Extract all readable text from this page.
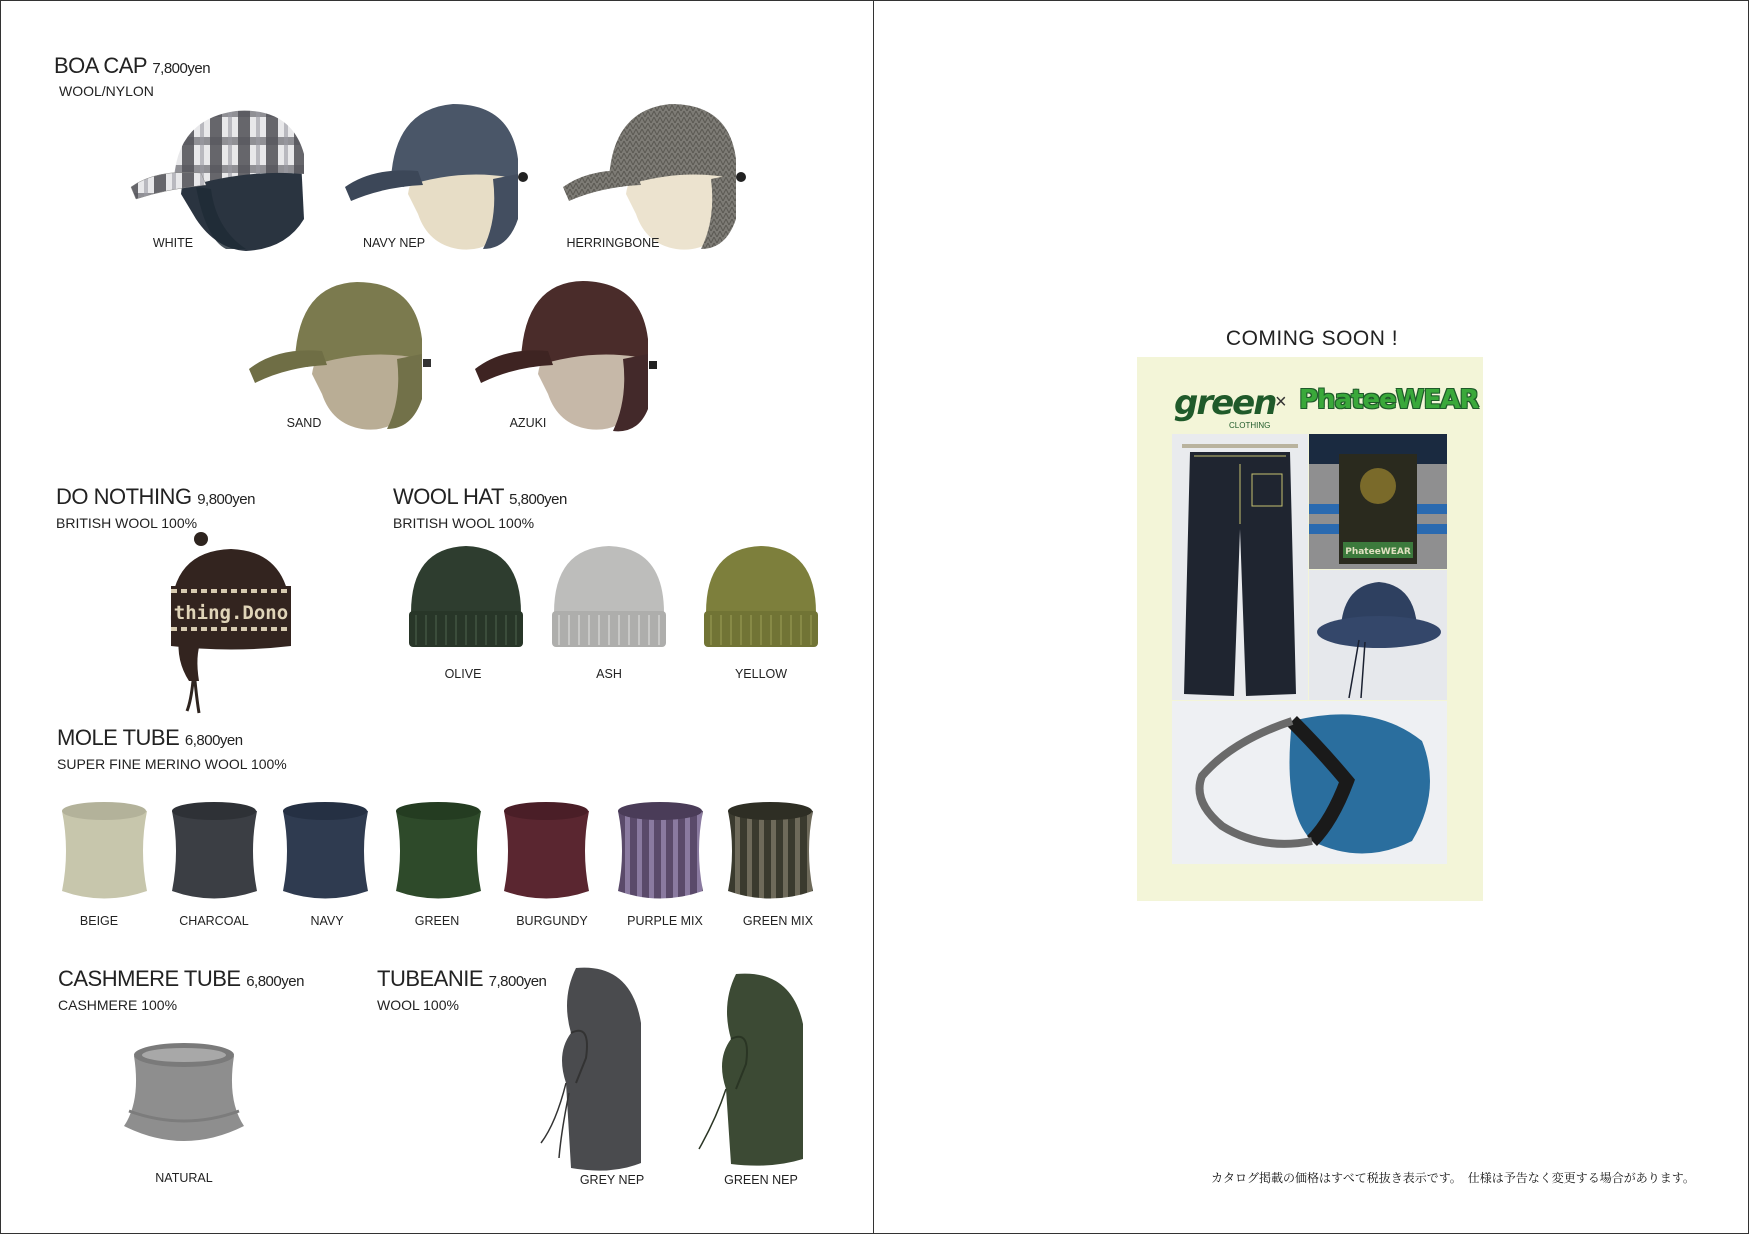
BOA CAP 7,800yen
WOOL/NYLON
WHITE	NAVY NEP	HERRINGBONE
SAND	AZUKI
DO NOTHING 9,800yen
BRITISH WOOL 100%
thing.Dono
WOOL HAT 5,800yen
BRITISH WOOL 100%
OLIVE	ASH	YELLOW
MOLE TUBE 6,800yen
SUPER FINE MERINO WOOL 100%
BEIGE	CHARCOAL	NAVY	GREEN	BURGUNDY	PURPLE MIX	GREEN MIX
CASHMERE TUBE 6,800yen
CASHMERE 100%
NATURAL
TUBEANIE 7,800yen
WOOL 100%
GREY NEP	GREEN NEP
COMING SOON !
green
CLOTHING
× PhateeWEAR
PhateeWEAR
カタログ掲載の価格はすべて税抜き表示です。　仕様は予告なく変更する場合があります。
